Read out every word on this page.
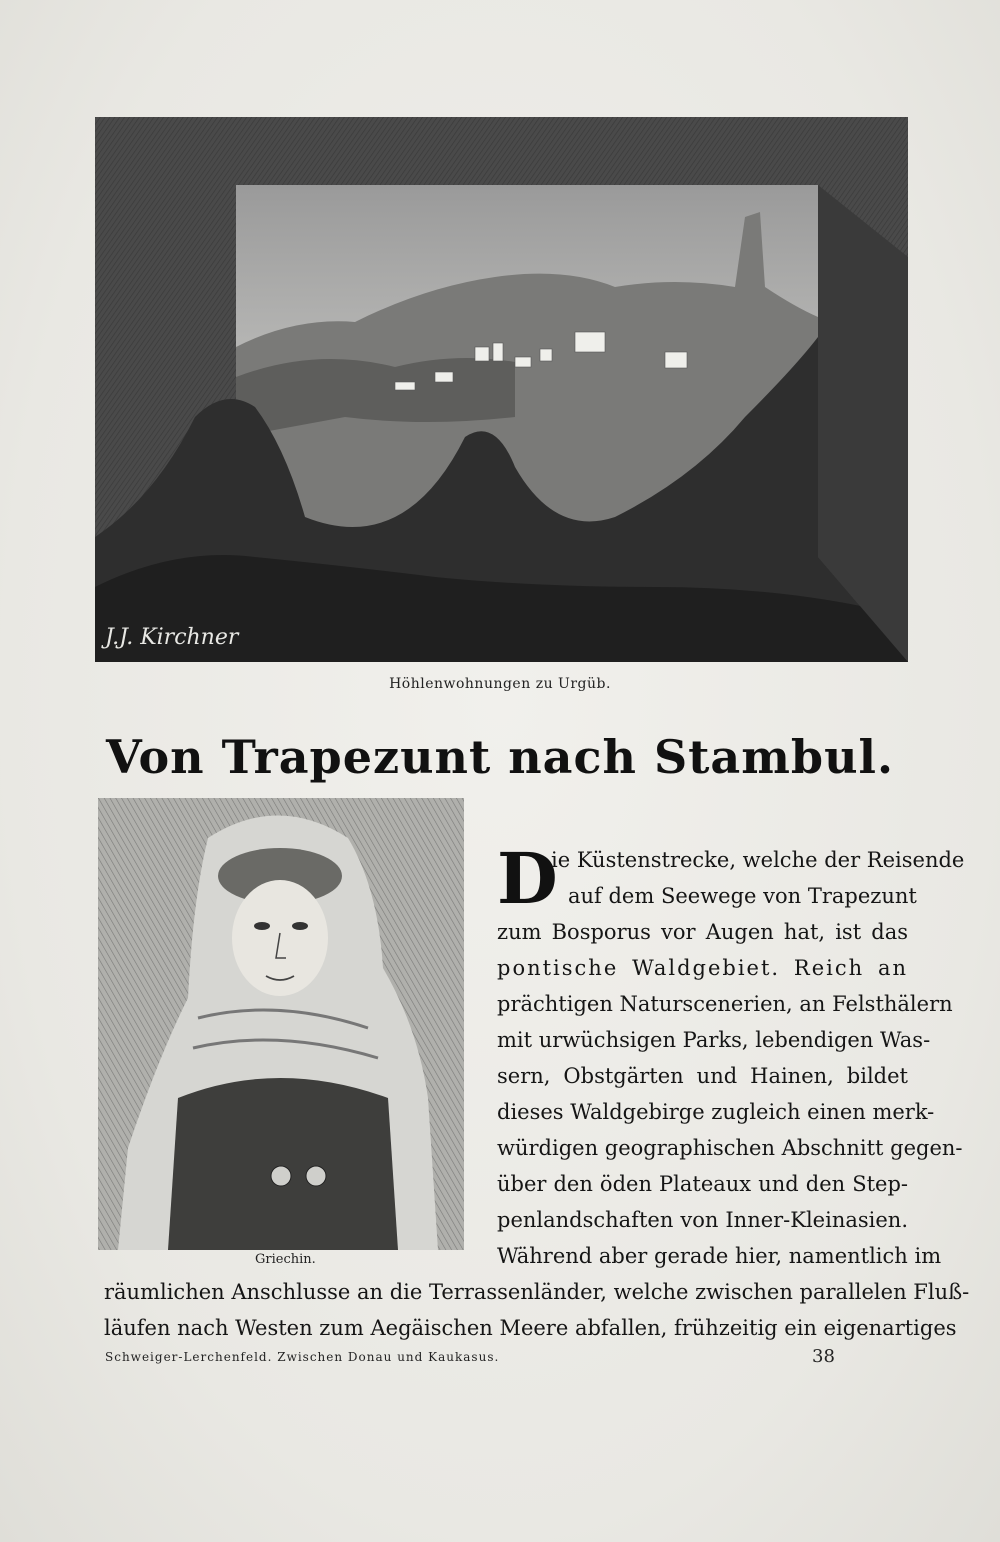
J.J. Kirchner
Höhlenwohnungen zu Urgüb.
Von Trapezunt nach Stambul.
Griechin.
D
ie Küstenstrecke, welche der Reisende
auf dem Seewege von Trapezunt
zum Bosporus vor Augen hat, ist das
pontische Waldgebiet. Reich an
prächtigen Naturscenerien, an Felsthälern
mit urwüchsigen Parks, lebendigen Was-
sern, Obstgärten und Hainen, bildet
dieses Waldgebirge zugleich einen merk-
würdigen geographischen Abschnitt gegen-
über den öden Plateaux und den Step-
penlandschaften von Inner-Kleinasien.
Während aber gerade hier, namentlich im
räumlichen Anschlusse an die Terrassenländer, welche zwischen parallelen Fluß-
läufen nach Westen zum Aegäischen Meere abfallen, frühzeitig ein eigenartiges
Schweiger-Lerchenfeld. Zwischen Donau und Kaukasus.	38
